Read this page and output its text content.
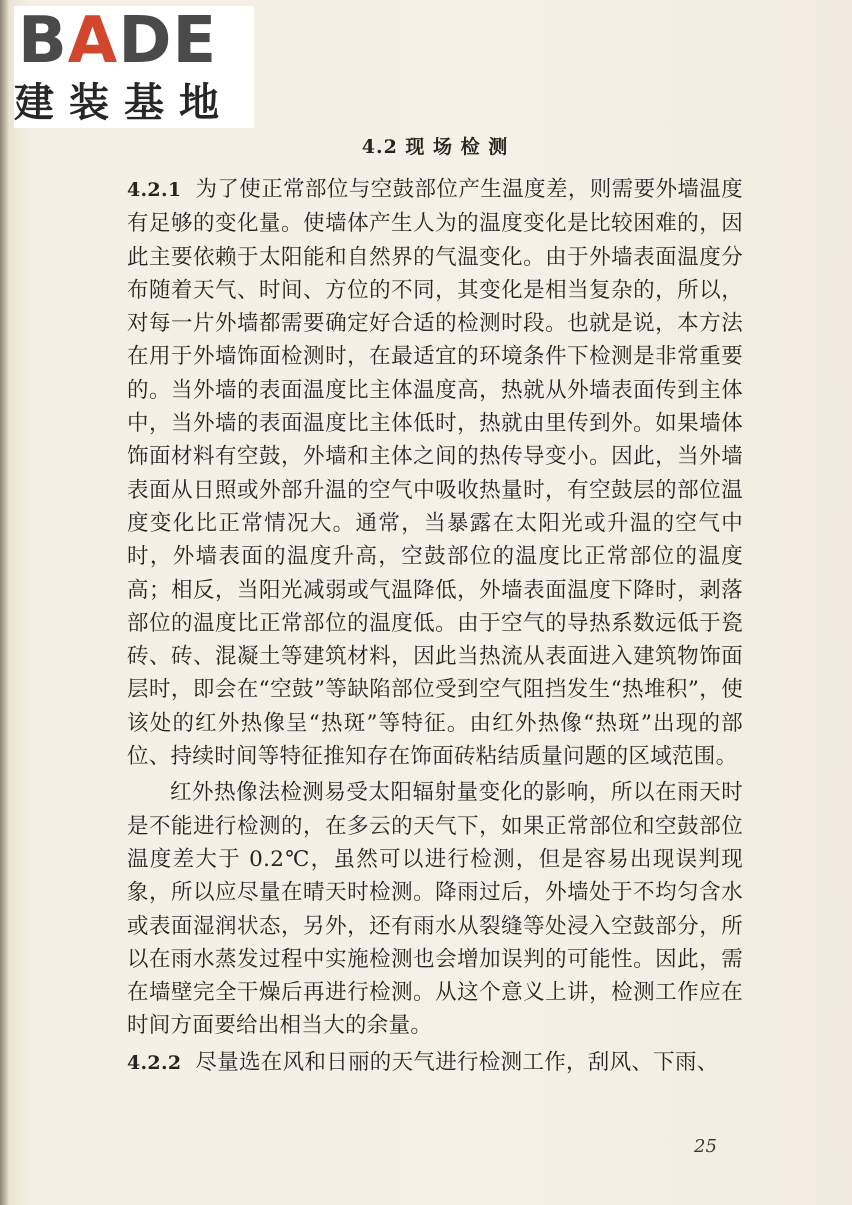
BADE
建装基地
4.2 现 场 检 测

4.2.1 为了使正常部位与空鼓部位产生温度差，则需要外墙温度有足够的变化量。使墙体产生人为的温度变化是比较困难的，因此主要依赖于太阳能和自然界的气温变化。由于外墙表面温度分布随着天气、时间、方位的不同，其变化是相当复杂的，所以，对每一片外墙都需要确定好合适的检测时段。也就是说，本方法在用于外墙饰面检测时，在最适宜的环境条件下检测是非常重要的。当外墙的表面温度比主体温度高，热就从外墙表面传到主体中，当外墙的表面温度比主体低时，热就由里传到外。如果墙体饰面材料有空鼓，外墙和主体之间的热传导变小。因此，当外墙表面从日照或外部升温的空气中吸收热量时，有空鼓层的部位温度变化比正常情况大。通常，当暴露在太阳光或升温的空气中时，外墙表面的温度升高，空鼓部位的温度比正常部位的温度高；相反，当阳光减弱或气温降低，外墙表面温度下降时，剥落部位的温度比正常部位的温度低。由于空气的导热系数远低于瓷砖、砖、混凝土等建筑材料，因此当热流从表面进入建筑物饰面层时，即会在“空鼓”等缺陷部位受到空气阻挡发生“热堆积”，使该处的红外热像呈“热斑”等特征。由红外热像“热斑”出现的部位、持续时间等特征推知存在饰面砖粘结质量问题的区域范围。

红外热像法检测易受太阳辐射量变化的影响，所以在雨天时是不能进行检测的，在多云的天气下，如果正常部位和空鼓部位温度差大于 0.2℃，虽然可以进行检测，但是容易出现误判现象，所以应尽量在晴天时检测。降雨过后，外墙处于不均匀含水或表面湿润状态，另外，还有雨水从裂缝等处浸入空鼓部分，所以在雨水蒸发过程中实施检测也会增加误判的可能性。因此，需在墙壁完全干燥后再进行检测。从这个意义上讲，检测工作应在时间方面要给出相当大的余量。

4.2.2 尽量选在风和日丽的天气进行检测工作，刮风、下雨、

25
